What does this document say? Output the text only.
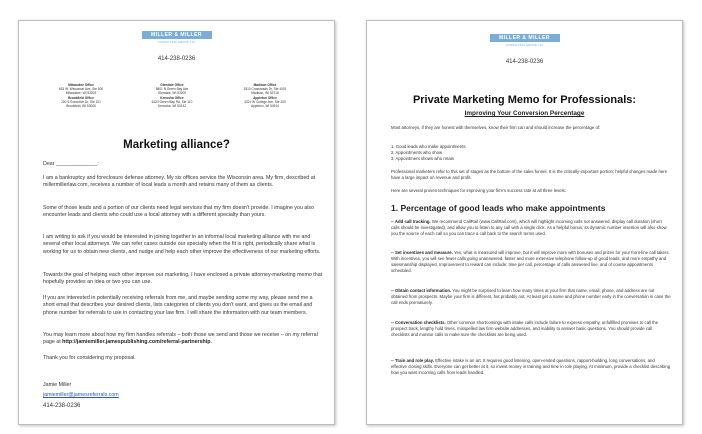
MILLER & MILLER
CONSULTING GROUP, LLC
414-238-0236
Milwaukee Office
633 W. Wisconsin Ave, Ste 500
Milwaukee, WI 53203
Glendale Office
5801 N Green Bay Ave
Glendale, WI 53209
Madison Office
2810 Crossroads Dr, Ste 4001
Madison, WI 53718
Brookfield Office
200 S Executive Dr, Ste 101
Brookfield, WI 53005
Kenosha Office
6123 Green Bay Rd, Ste 110
Kenosha, WI 53142
Appleton Office
4321 W College Ave, Ste 200
Appleton, WI 54914
Marketing alliance?
Dear ______________:
I am a bankruptcy and foreclosure defense attorney. My six offices service the Wisconsin area. My firm, described at millermillerlaw.com, receives a number of local leads a month and retains many of them as clients.
Some of those leads and a portion of our clients need legal services that my firm doesn't provide. I imagine you also encounter leads and clients who could use a local attorney with a different specialty than yours.
I am writing to ask if you would be interested in joining together in an informal local marketing alliance with me and several other local attorneys. We can refer cases outside our specialty when the fit is right, periodically share what is working for us to obtain new clients, and nudge and help each other improve the effectiveness of our marketing efforts.
Towards the goal of helping each other improve our marketing, I have enclosed a private attorney-marketing memo that hopefully provides an idea or two you can use.
If you are interested in potentially receiving referrals from me, and maybe sending some my way, please send me a short email that describes your desired clients, lists categories of clients you don't want, and gives us the email and phone number for referrals to use in contacting your law firm. I will share the information with our team members.
You may learn more about how my firm handles referrals – both those we send and those we receive – on my referral page at http://jamiemiller.jamespublishing.com/referral-partnership.
Thank you for considering my proposal.
Jamie Miller
jamiemiller@jamesreferrals.com
414-238-0236
MILLER & MILLER
CONSULTING GROUP, LLC
414-238-0236
Private Marketing Memo for Professionals:
Improving Your Conversion Percentage
Most attorneys, if they are honest with themselves, know their firm can and should increase the percentage of:
1. Good leads who make appointments
2. Appointments who show
3. Appointment shows who retain
Professional marketers refer to this set of stages as the bottom of the sales funnel. It is the critically-important portion; helpful changes made here have a large impact on revenue and profit.
Here are several proven techniques for improving your firm's success rate at all three levels:
1. Percentage of good leads who make appointments
-- Add call tracking. We recommend CallRail (www.CallRail.com), which will highlight incoming calls not answered, display call duration (short calls should be investigated), and allow you to listen to any call with a single click. As a helpful bonus, its dynamic number insertion will also show you the source of each call so you can trace a call back to the search terms used.
-- Set incentives and measure. Yes, what is measured will improve, but it will improve more with bonuses and prizes for your front-line call takers. With incentives, you will see fewer calls going unanswered, faster and more extensive telephone follow-up of good leads, and more empathy and salesmanship displayed. Improvement to reward can include: time per call, percentage of calls answered live, and of course appointments scheduled.
-- Obtain contact information. You might be surprised to learn how many times at your firm that name, email, phone, and address are not obtained from prospects. Maybe your firm is different, but probably not. At least get a name and phone number early in the conversation in case the call ends prematurely.
-- Conversation checklists. Other common shortcomings with intake calls include failure to express empathy, unfulfilled promises to call the prospect back, lengthy hold times, misspelled law firm website addresses, and inability to answer basic questions. You should provide call checklists and monitor calls to make sure the checklists are being used.
-- Train and role play. Effective intake is an art. It requires good listening, open-ended questions, rapport-building, long conversations, and effective closing skills. Everyone can get better at it, so invest money in training and time in role playing. At minimum, provide a checklist describing how you want incoming calls from leads handled.
